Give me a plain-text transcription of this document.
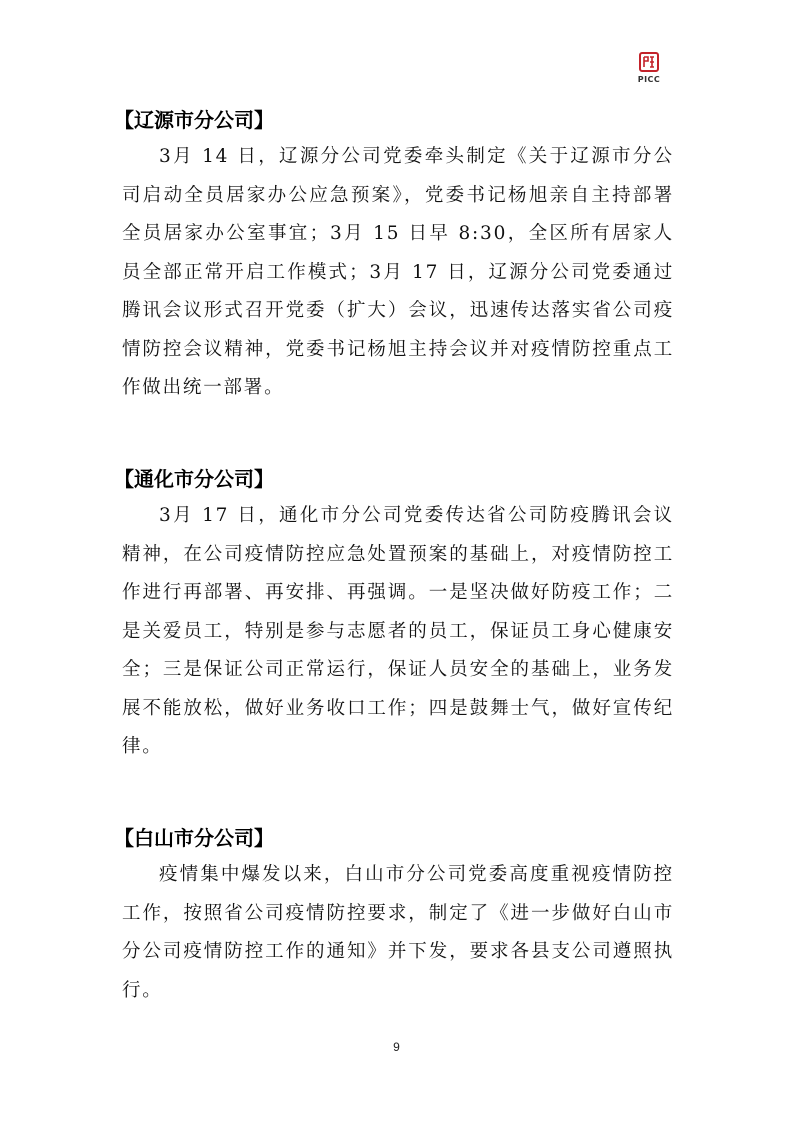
PICC
【辽源市分公司】

3月 14 日，辽源分公司党委牵头制定《关于辽源市分公司启动全员居家办公应急预案》，党委书记杨旭亲自主持部署全员居家办公室事宜；3月 15 日早 8:30，全区所有居家人员全部正常开启工作模式；3月 17 日，辽源分公司党委通过腾讯会议形式召开党委（扩大）会议，迅速传达落实省公司疫情防控会议精神，党委书记杨旭主持会议并对疫情防控重点工作做出统一部署。

【通化市分公司】

3月 17 日，通化市分公司党委传达省公司防疫腾讯会议精神，在公司疫情防控应急处置预案的基础上，对疫情防控工作进行再部署、再安排、再强调。一是坚决做好防疫工作；二是关爱员工，特别是参与志愿者的员工，保证员工身心健康安全；三是保证公司正常运行，保证人员安全的基础上，业务发展不能放松，做好业务收口工作；四是鼓舞士气，做好宣传纪律。

【白山市分公司】

疫情集中爆发以来，白山市分公司党委高度重视疫情防控工作，按照省公司疫情防控要求，制定了《进一步做好白山市分公司疫情防控工作的通知》并下发，要求各县支公司遵照执行。

9
